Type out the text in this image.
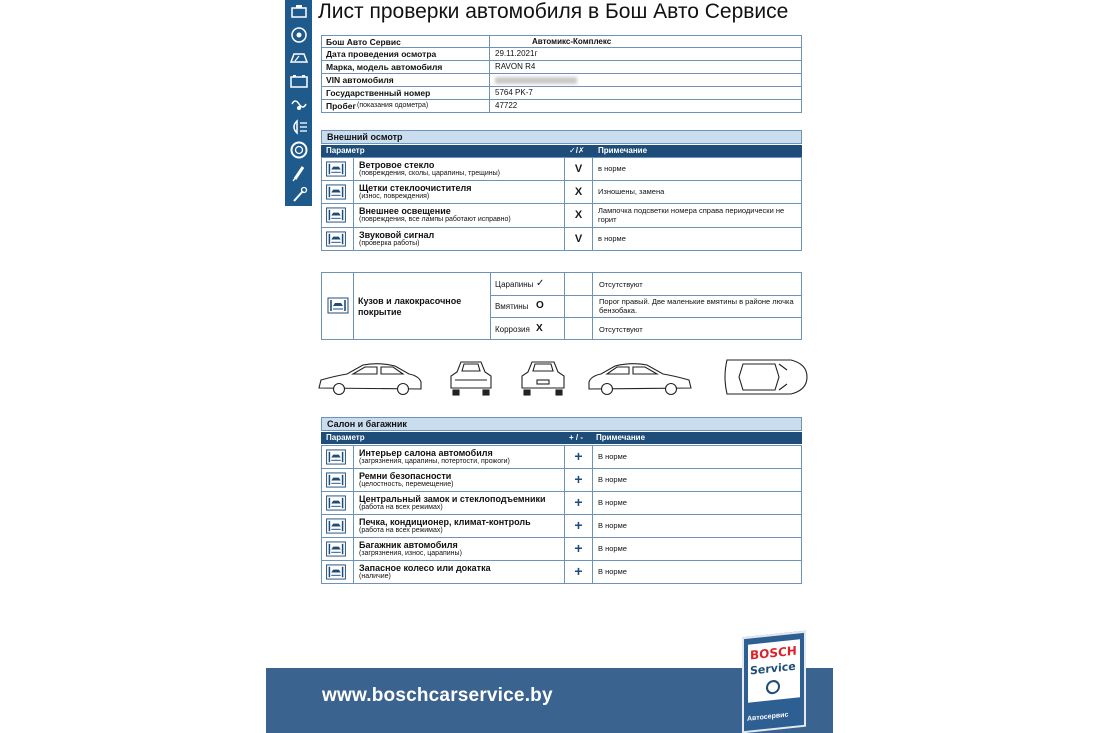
Лист проверки автомобиля в Бош Авто Сервисе
Бош Авто Сервис	Автомикс-Комплекс
Дата проведения осмотра	29.11.2021г
Марка, модель автомобиля	RAVON R4
VIN автомобиля
Государственный номер	5764 PK-7
Пробег	47722
(показания одометра)
Внешний осмотр
Параметр	✓/✗ Примечание
Ветровое стекло
(повреждения, сколы, царапины, трещины)	V	в норме
Щетки стеклоочистителя
(износ, повреждения)	X	Изношены, замена
Внешнее освещение
(повреждения, все лампы работают исправно)	X	Лампочка подсветки номера справа периодически не горит
Звуковой сигнал
(проверка работы)	V	в норме
Кузов и лакокрасочное покрытие
Царапины ✓	Отсутствуют
Вмятины O	Порог правый. Две маленькие вмятины в районе лючка бензобака.
Коррозия X	Отсутствуют
Салон и багажник
Параметр	+ / - Примечание
Интерьер салона автомобиля
(загрязнения, царапины, потертости, прожоги)	+	В норме
Ремни безопасности
(целостность, перемещение)	+	В норме
Центральный замок и стеклоподъемники
(работа на всех режимах)	+	В норме
Печка, кондиционер, климат-контроль
(работа на всех режимах)	+	В норме
Багажник автомобиля
(загрязнения, износ, царапины)	+	В норме
Запасное колесо или докатка
(наличие)	+	В норме
www.boschcarservice.by
BOSCH
Service
Автосервис
